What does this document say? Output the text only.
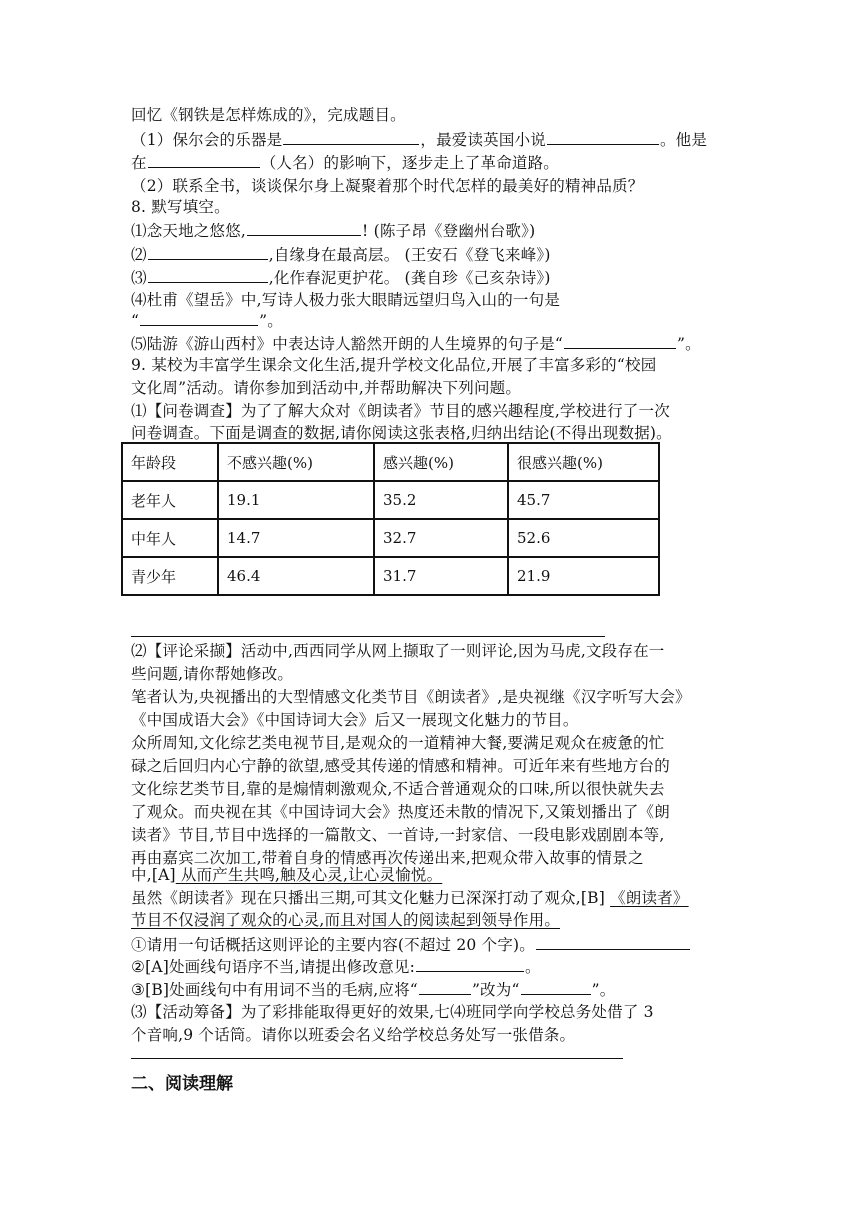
回忆《钢铁是怎样炼成的》，完成题目。
（1）保尔会的乐器是	，最爱读英国小说	。他是
在	（人名）的影响下，逐步走上了革命道路。
（2）联系全书，谈谈保尔身上凝聚着那个时代怎样的最美好的精神品质？
8. 默写填空。
⑴念天地之悠悠,	! (陈子昂《登幽州台歌》)
⑵	,自缘身在最高层。 (王安石《登飞来峰》)
⑶	,化作春泥更护花。 (龚自珍《己亥杂诗》)
⑷杜甫《望岳》中,写诗人极力张大眼睛远望归鸟入山的一句是
“	”。
⑸陆游《游山西村》中表达诗人豁然开朗的人生境界的句子是“	”。
9. 某校为丰富学生课余文化生活,提升学校文化品位,开展了丰富多彩的“校园
文化周”活动。请你参加到活动中,并帮助解决下列问题。
⑴【问卷调查】为了了解大众对《朗读者》节目的感兴趣程度,学校进行了一次
问卷调查。下面是调查的数据,请你阅读这张表格,归纳出结论(不得出现数据)。
年龄段	不感兴趣(%)	感兴趣(%)	很感兴趣(%)
老年人	19.1	35.2	45.7
中年人	14.7	32.7	52.6
青少年	46.4	31.7	21.9
⑵【评论采撷】活动中,西西同学从网上撷取了一则评论,因为马虎,文段存在一
些问题,请你帮她修改。
笔者认为,央视播出的大型情感文化类节目《朗读者》,是央视继《汉字听写大会》
《中国成语大会》《中国诗词大会》后又一展现文化魅力的节目。
众所周知,文化综艺类电视节目,是观众的一道精神大餐,要满足观众在疲惫的忙
碌之后回归内心宁静的欲望,感受其传递的情感和精神。可近年来有些地方台的
文化综艺类节目,靠的是煽情刺激观众,不适合普通观众的口味,所以很快就失去
了观众。而央视在其《中国诗词大会》热度还未散的情况下,又策划播出了《朗
读者》节目,节目中选择的一篇散文、一首诗,一封家信、一段电影戏剧剧本等,
再由嘉宾二次加工,带着自身的情感再次传递出来,把观众带入故事的情景之
中,[A] 从而产生共鸣,触及心灵,让心灵愉悦。
虽然《朗读者》现在只播出三期,可其文化魅力已深深打动了观众,[B] 《朗读者》
节目不仅浸润了观众的心灵,而且对国人的阅读起到领导作用。
①请用一句话概括这则评论的主要内容(不超过 20 个字)。
②[A]处画线句语序不当,请提出修改意见:	。
③[B]处画线句中有用词不当的毛病,应将“	”改为“	”。
⑶【活动筹备】为了彩排能取得更好的效果,七⑷班同学向学校总务处借了 3
个音响,9 个话筒。请你以班委会名义给学校总务处写一张借条。
二、阅读理解
